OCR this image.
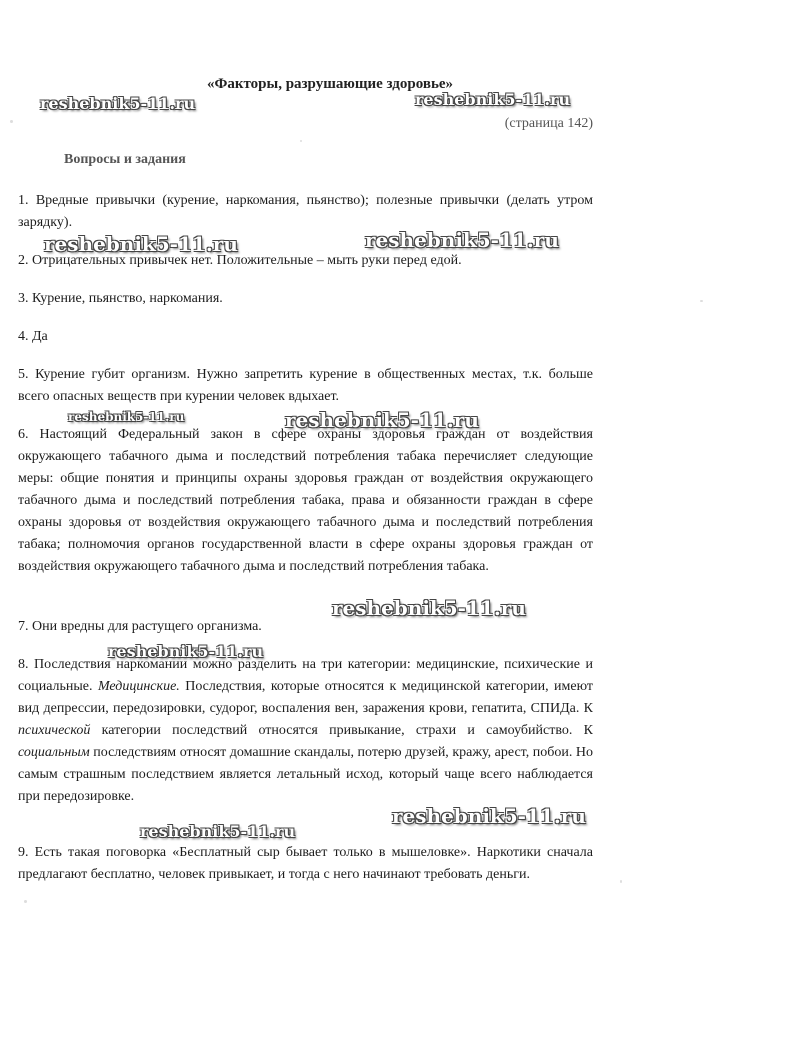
«Факторы, разрушающие здоровье»
(страница 142)
Вопросы и задания
1. Вредные привычки (курение, наркомания, пьянство); полезные привычки (делать утром зарядку).
2. Отрицательных привычек нет. Положительные – мыть руки перед едой.
3. Курение, пьянство, наркомания.
4. Да
5. Курение губит организм. Нужно запретить курение в общественных местах, т.к. больше всего опасных веществ при курении человек вдыхает.
6. Настоящий Федеральный закон в сфере охраны здоровья граждан от воздействия окружающего табачного дыма и последствий потребления табака перечисляет следующие меры: общие понятия и принципы охраны здоровья граждан от воздействия окружающего табачного дыма и последствий потребления табака, права и обязанности граждан в сфере охраны здоровья от воздействия окружающего табачного дыма и последствий потребления табака; полномочия органов государственной власти в сфере охраны здоровья граждан от воздействия окружающего табачного дыма и последствий потребления табака.
7. Они вредны для растущего организма.
8. Последствия наркомании можно разделить на три категории: медицинские, психические и социальные. Медицинские. Последствия, которые относятся к медицинской категории, имеют вид депрессии, передозировки, судорог, воспаления вен, заражения крови, гепатита, СПИДа. К психической категории последствий относятся привыкание, страхи и самоубийство. К социальным последствиям относят домашние скандалы, потерю друзей, кражу, арест, побои. Но самым страшным последствием является летальный исход, который чаще всего наблюдается при передозировке.
9. Есть такая поговорка «Бесплатный сыр бывает только в мышеловке». Наркотики сначала предлагают бесплатно, человек привыкает, и тогда с него начинают требовать деньги.
reshebnik5-11.ru	reshebnik5-11.ru
reshebnik5-11.ru	reshebnik5-11.ru
reshebnik5-11.ru	reshebnik5-11.ru
reshebnik5-11.ru
reshebnik5-11.ru
reshebnik5-11.ru
reshebnik5-11.ru
